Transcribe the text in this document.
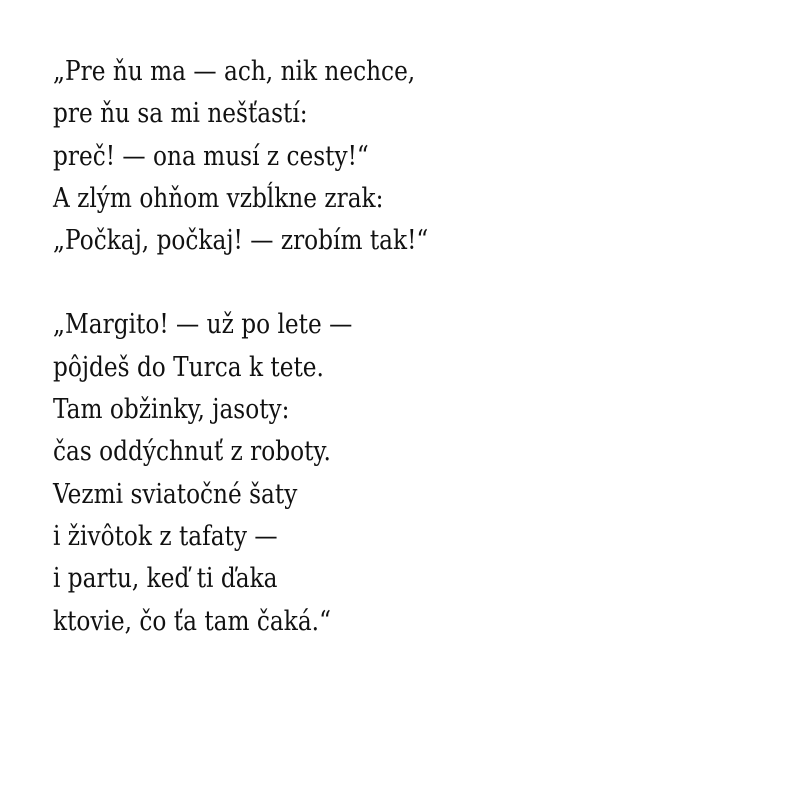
„Pre ňu ma — ach, nik nechce,
pre ňu sa mi nešťastí:
preč! — ona musí z cesty!“
A zlým ohňom vzbĺkne zrak:
„Počkaj, počkaj! — zrobím tak!“
„Margito! — už po lete —
pôjdeš do Turca k tete.
Tam obžinky, jasoty:
čas oddýchnuť z roboty.
Vezmi sviatočné šaty
i živôtok z tafaty —
i partu, keď ti ďaka
ktovie, čo ťa tam čaká.“
